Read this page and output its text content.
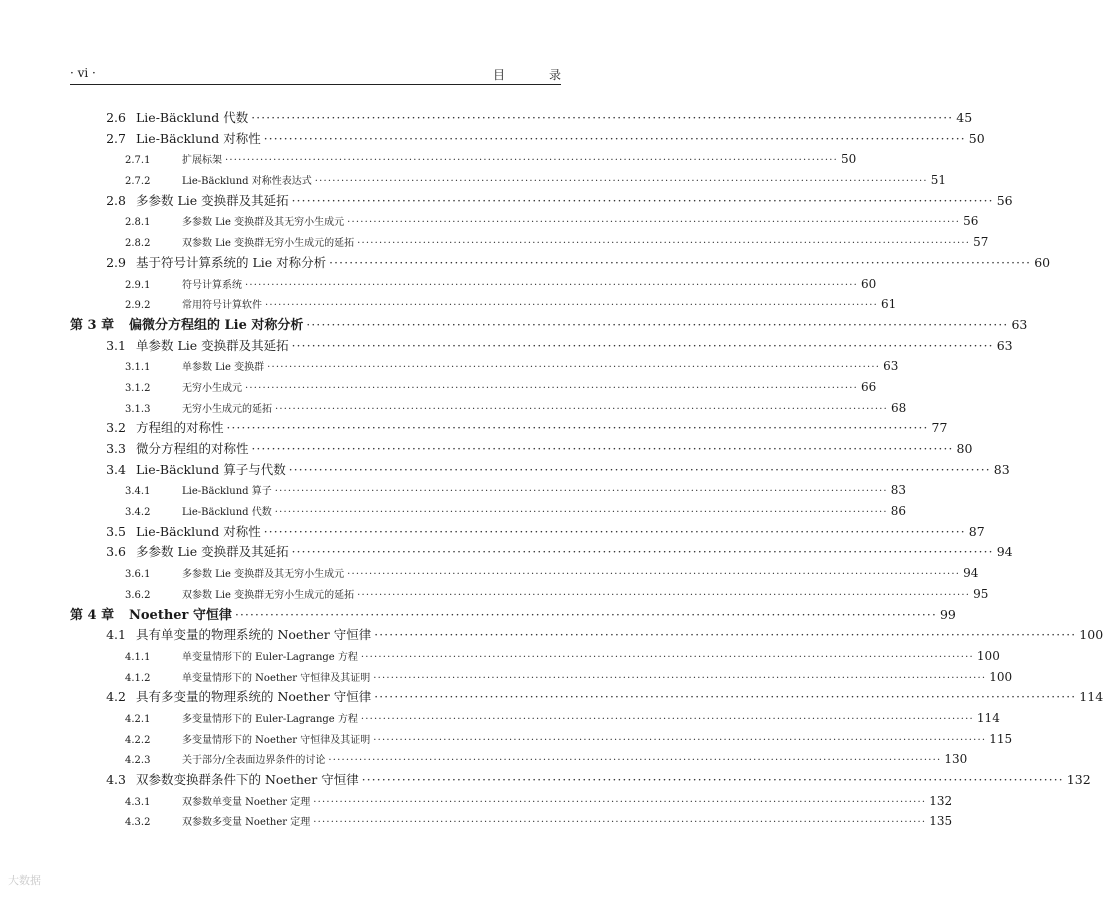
· vi ·	目　录
2.6 Lie-Bäcklund 代数 ············································································································································ 45
2.7 Lie-Bäcklund 对称性 ············································································································································ 50
2.7.1	扩展标架 ············································································································································ 50
2.7.2	Lie-Bäcklund 对称性表达式 ············································································································································ 51
2.8 多参数 Lie 变换群及其延拓 ············································································································································ 56
2.8.1	多参数 Lie 变换群及其无穷小生成元 ············································································································································ 56
2.8.2	双参数 Lie 变换群无穷小生成元的延拓 ············································································································································ 57
2.9 基于符号计算系统的 Lie 对称分析 ············································································································································ 60
2.9.1	符号计算系统 ············································································································································ 60
2.9.2	常用符号计算软件 ············································································································································ 61
第 3 章	偏微分方程组的 Lie 对称分析 ············································································································································ 63
3.1 单参数 Lie 变换群及其延拓 ············································································································································ 63
3.1.1	单参数 Lie 变换群 ············································································································································ 63
3.1.2	无穷小生成元 ············································································································································ 66
3.1.3	无穷小生成元的延拓 ············································································································································ 68
3.2 方程组的对称性 ············································································································································ 77
3.3 微分方程组的对称性 ············································································································································ 80
3.4 Lie-Bäcklund 算子与代数 ············································································································································ 83
3.4.1	Lie-Bäcklund 算子 ············································································································································ 83
3.4.2	Lie-Bäcklund 代数 ············································································································································ 86
3.5 Lie-Bäcklund 对称性 ············································································································································ 87
3.6 多参数 Lie 变换群及其延拓 ············································································································································ 94
3.6.1	多参数 Lie 变换群及其无穷小生成元 ············································································································································ 94
3.6.2	双参数 Lie 变换群无穷小生成元的延拓 ············································································································································ 95
第 4 章	Noether 守恒律 ············································································································································ 99
4.1 具有单变量的物理系统的 Noether 守恒律 ············································································································································ 100
4.1.1	单变量情形下的 Euler-Lagrange 方程 ············································································································································ 100
4.1.2	单变量情形下的 Noether 守恒律及其证明 ············································································································································ 100
4.2 具有多变量的物理系统的 Noether 守恒律 ············································································································································ 114
4.2.1	多变量情形下的 Euler-Lagrange 方程 ············································································································································ 114
4.2.2	多变量情形下的 Noether 守恒律及其证明 ············································································································································ 115
4.2.3	关于部分/全表面边界条件的讨论 ············································································································································ 130
4.3 双参数变换群条件下的 Noether 守恒律 ············································································································································ 132
4.3.1	双参数单变量 Noether 定理 ············································································································································ 132
4.3.2	双参数多变量 Noether 定理 ············································································································································ 135
大数据
